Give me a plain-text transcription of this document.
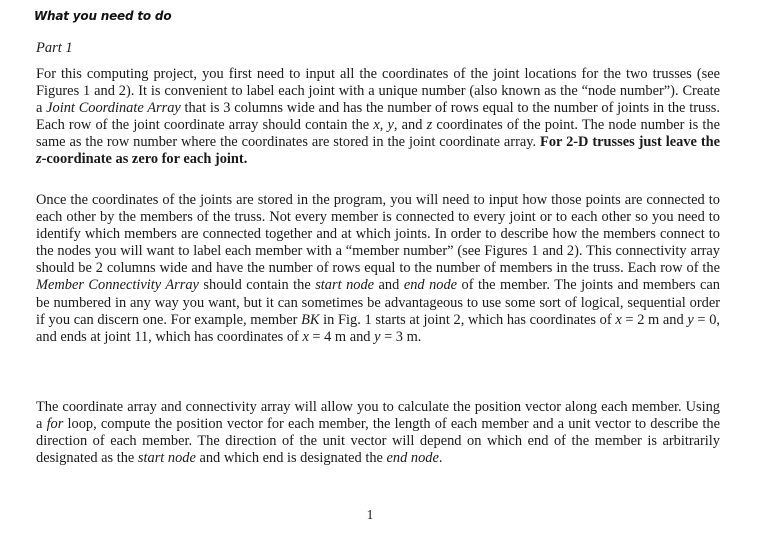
What you need to do
Part 1

For this computing project, you first need to input all the coordinates of the joint locations for the two trusses (see Figures 1 and 2). It is convenient to label each joint with a unique number (also known as the “node number”). Create a Joint Coordinate Array that is 3 columns wide and has the number of rows equal to the number of joints in the truss. Each row of the joint coordinate array should contain the x, y, and z coordinates of the point. The node number is the same as the row number where the coordinates are stored in the joint coordinate array. For 2-D trusses just leave the z-coordinate as zero for each joint.

Once the coordinates of the joints are stored in the program, you will need to input how those points are connected to each other by the members of the truss. Not every member is connected to every joint or to each other so you need to identify which members are connected together and at which joints. In order to describe how the members connect to the nodes you will want to label each member with a “member number” (see Figures 1 and 2). This connectivity array should be 2 columns wide and have the number of rows equal to the number of members in the truss. Each row of the Member Connectivity Array should contain the start node and end node of the member. The joints and members can be numbered in any way you want, but it can sometimes be advantageous to use some sort of logical, sequential order if you can discern one. For example, member BK in Fig. 1 starts at joint 2, which has coordinates of x = 2 m and y = 0, and ends at joint 11, which has coordinates of x = 4 m and y = 3 m.

The coordinate array and connectivity array will allow you to calculate the position vector along each member. Using a for loop, compute the position vector for each member, the length of each member and a unit vector to describe the direction of each member. The direction of the unit vector will depend on which end of the member is arbitrarily designated as the start node and which end is designated the end node.

1
